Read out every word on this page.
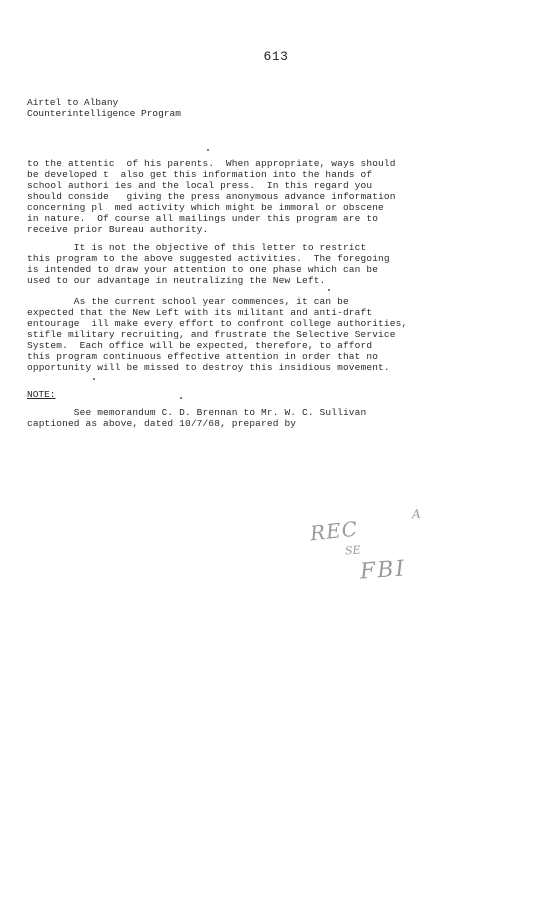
613
Airtel to Albany
Counterintelligence Program
to the attentic  of his parents.  When appropriate, ways should
be developed t  also get this information into the hands of
school authori ies and the local press.  In this regard you
should conside   giving the press anonymous advance information
concerning pl  med activity which might be immoral or obscene
in nature.  Of course all mailings under this program are to
receive prior Bureau authority.
It is not the objective of this letter to restrict
this program to the above suggested activities.  The foregoing
is intended to draw your attention to one phase which can be
used to our advantage in neutralizing the New Left.
As the current school year commences, it can be
expected that the New Left with its militant and anti-draft
entourage  ill make every effort to confront college authorities,
stifle military recruiting, and frustrate the Selective Service
System.  Each office will be expected, therefore, to afford
this program continuous effective attention in order that no
opportunity will be missed to destroy this insidious movement.
NOTE:
See memorandum C. D. Brennan to Mr. W. C. Sullivan
captioned as above, dated 10/7/68, prepared by
REC
A
SE
FBI
